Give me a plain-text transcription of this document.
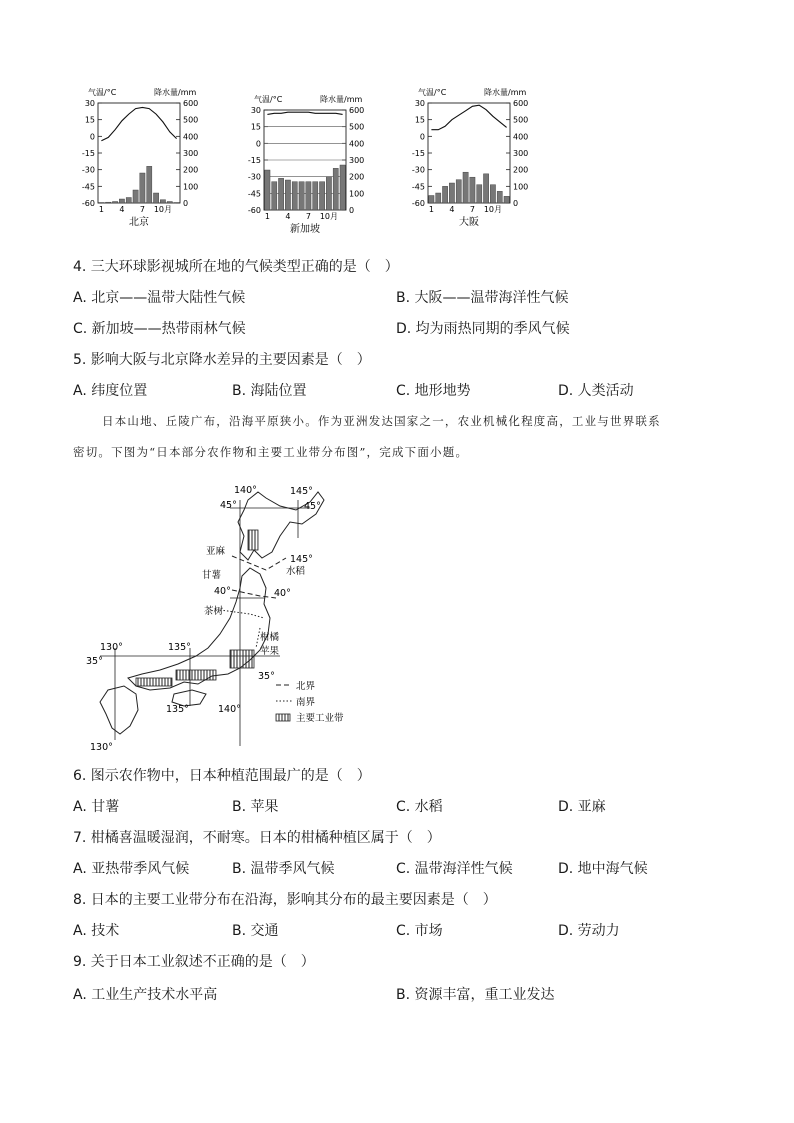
气温/°C	降水量/mm
30
15
0
-15
-30
-45
-60
600
500
400
300
200
100
0
1 4 7 10月
北京
气温/°C	降水量/mm
30
15
0
-15
-30
-45
-60
600
500
400
300
200
100
0
1 4 7 10月
新加坡
气温/°C	降水量/mm
30
15
0
-15
-30
-45
-60
600
500
400
300
200
100
0
1 4 7 10月
大阪
4. 三大环球影视城所在地的气候类型正确的是（　）
A. 北京——温带大陆性气候	B. 大阪——温带海洋性气候
C. 新加坡——热带雨林气候	D. 均为雨热同期的季风气候
5. 影响大阪与北京降水差异的主要因素是（　）
A. 纬度位置	B. 海陆位置	C. 地形地势	D. 人类活动
日本山地、丘陵广布，沿海平原狭小。作为亚洲发达国家之一，农业机械化程度高，工业与世界联系
密切。下图为“日本部分农作物和主要工业带分布图”，完成下面小题。
140°	145°
45°	45°
亚麻
甘薯
茶树
柑橘
苹果
水稻
145°
40°	40°
130°	135°
35°
35°
135°	140°
130°
北界
南界
主要工业带
6. 图示农作物中，日本种植范围最广的是（　）
A. 甘薯	B. 苹果	C. 水稻	D. 亚麻
7. 柑橘喜温暖湿润，不耐寒。日本的柑橘种植区属于（　）
A. 亚热带季风气候	B. 温带季风气候	C. 温带海洋性气候	D. 地中海气候
8. 日本的主要工业带分布在沿海，影响其分布的最主要因素是（　）
A. 技术	B. 交通	C. 市场	D. 劳动力
9. 关于日本工业叙述不正确的是（　）
A. 工业生产技术水平高	B. 资源丰富，重工业发达
